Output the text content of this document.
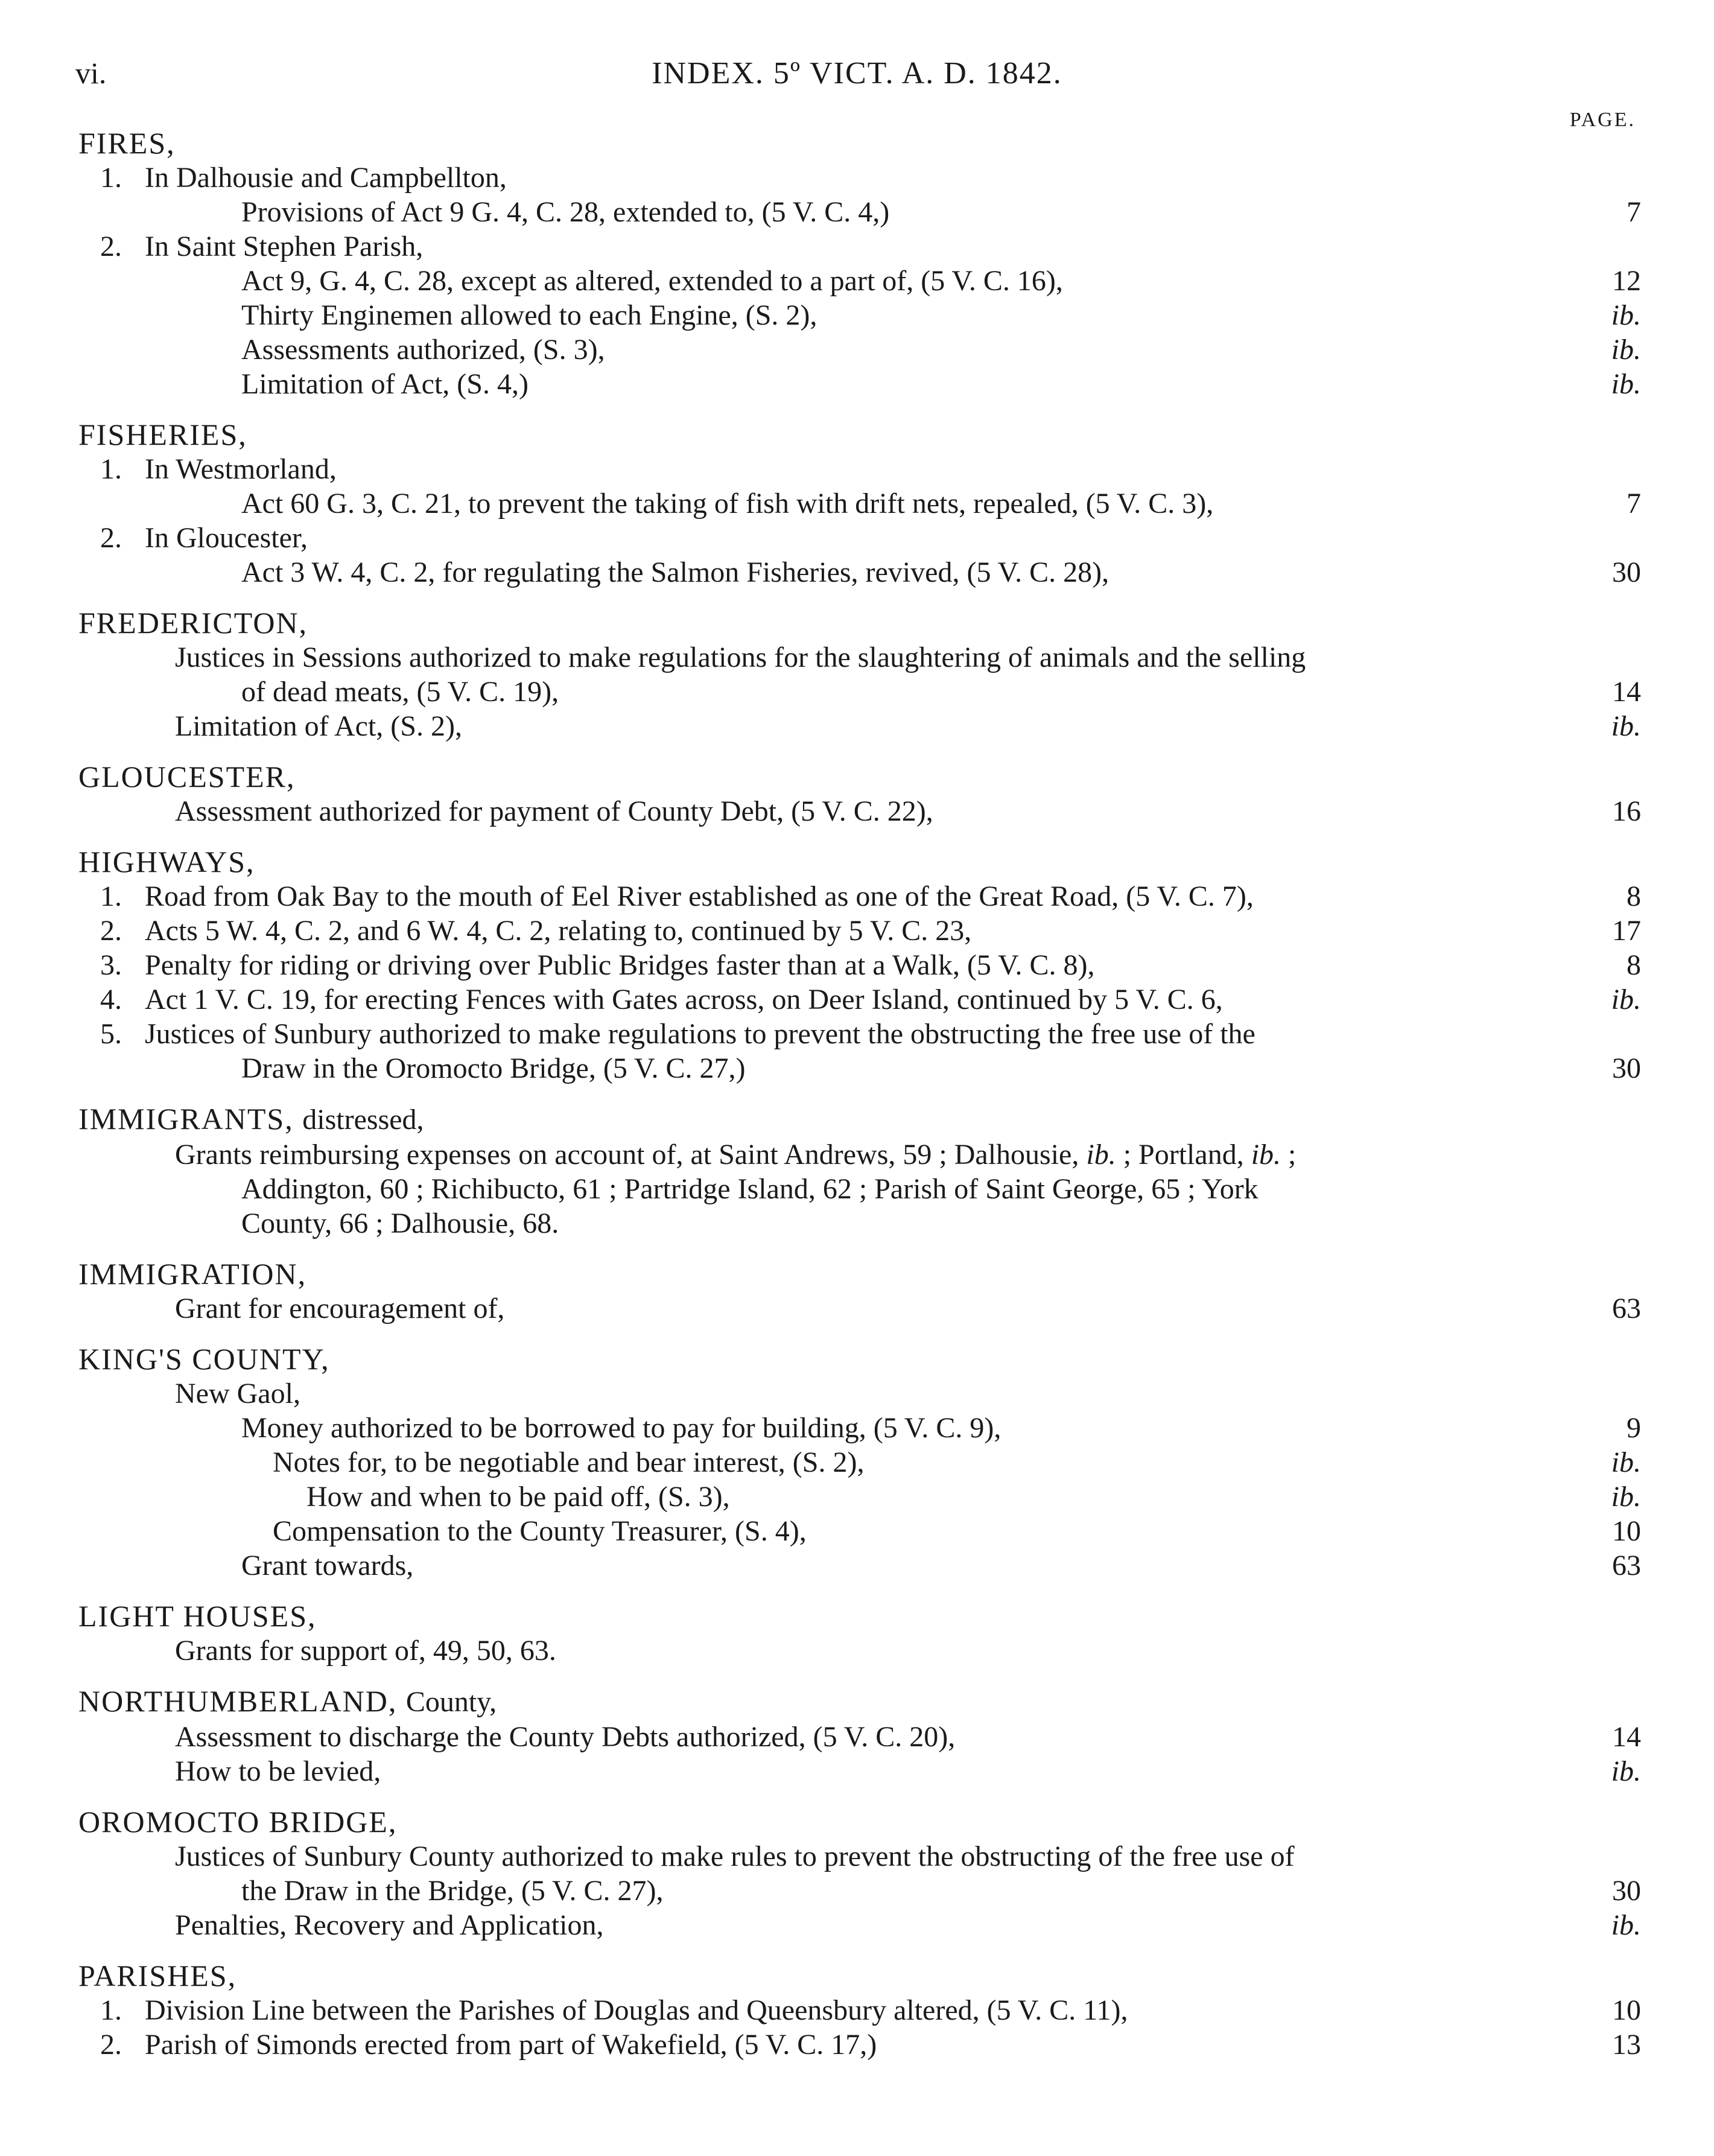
vi.	INDEX. 5º VICT. A. D. 1842.
PAGE.
FIRES,
1. In Dalhousie and Campbellton,
Provisions of Act 9 G. 4, C. 28, extended to, (5 V. C. 4,)	7
2. In Saint Stephen Parish,
Act 9, G. 4, C. 28, except as altered, extended to a part of, (5 V. C. 16),	12
Thirty Enginemen allowed to each Engine, (S. 2),	ib.
Assessments authorized, (S. 3),	ib.
Limitation of Act, (S. 4,)	ib.
FISHERIES,
1. In Westmorland,
Act 60 G. 3, C. 21, to prevent the taking of fish with drift nets, repealed, (5 V. C. 3),	7
2. In Gloucester,
Act 3 W. 4, C. 2, for regulating the Salmon Fisheries, revived, (5 V. C. 28),	30
FREDERICTON,
Justices in Sessions authorized to make regulations for the slaughtering of animals and the selling
of dead meats, (5 V. C. 19),	14
Limitation of Act, (S. 2),	ib.
GLOUCESTER,
Assessment authorized for payment of County Debt, (5 V. C. 22),	16
HIGHWAYS,
1. Road from Oak Bay to the mouth of Eel River established as one of the Great Road, (5 V. C. 7),	8
2. Acts 5 W. 4, C. 2, and 6 W. 4, C. 2, relating to, continued by 5 V. C. 23,	17
3. Penalty for riding or driving over Public Bridges faster than at a Walk, (5 V. C. 8),	8
4. Act 1 V. C. 19, for erecting Fences with Gates across, on Deer Island, continued by 5 V. C. 6,	ib.
5. Justices of Sunbury authorized to make regulations to prevent the obstructing the free use of the
Draw in the Oromocto Bridge, (5 V. C. 27,)	30
IMMIGRANTS, distressed,
Grants reimbursing expenses on account of, at Saint Andrews, 59 ; Dalhousie, ib. ; Portland, ib. ;
Addington, 60 ; Richibucto, 61 ; Partridge Island, 62 ; Parish of Saint George, 65 ; York
County, 66 ; Dalhousie, 68.
IMMIGRATION,
Grant for encouragement of,	63
KING'S COUNTY,
New Gaol,
Money authorized to be borrowed to pay for building, (5 V. C. 9),	9
Notes for, to be negotiable and bear interest, (S. 2),	ib.
How and when to be paid off, (S. 3),	ib.
Compensation to the County Treasurer, (S. 4),	10
Grant towards,	63
LIGHT HOUSES,
Grants for support of, 49, 50, 63.
NORTHUMBERLAND, County,
Assessment to discharge the County Debts authorized, (5 V. C. 20),	14
How to be levied,	ib.
OROMOCTO BRIDGE,
Justices of Sunbury County authorized to make rules to prevent the obstructing of the free use of
the Draw in the Bridge, (5 V. C. 27),	30
Penalties, Recovery and Application,	ib.
PARISHES,
1. Division Line between the Parishes of Douglas and Queensbury altered, (5 V. C. 11),	10
2. Parish of Simonds erected from part of Wakefield, (5 V. C. 17,)	13
